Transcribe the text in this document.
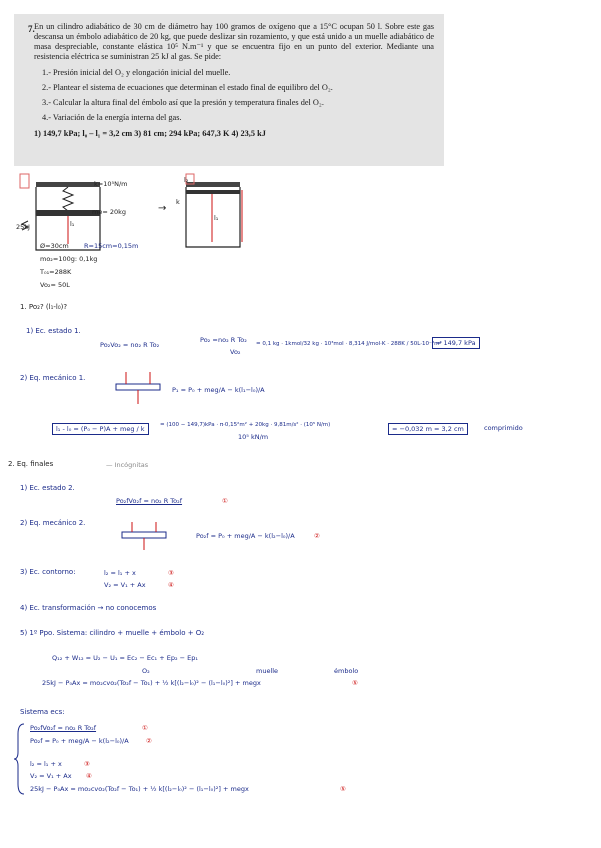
7. En un cilindro adiabático de 30 cm de diámetro hay 100 gramos de oxígeno que a 15°C ocupan 50 l. Sobre este gas descansa un émbolo adiabático de 20 kg, que puede deslizar sin rozamiento, y que está unido a un muelle adiabático de masa despreciable, constante elástica 10⁵ N.m⁻¹ y que se encuentra fijo en un punto del exterior. Mediante una resistencia eléctrica se suministran 25 kJ al gas. Se pide:
1.- Presión inicial del O₂ y elongación inicial del muelle.
2.- Plantear el sistema de ecuaciones que determinan el estado final de equilibro del O₂.
3.- Calcular la altura final del émbolo así que la presión y temperatura finales del O₂.
4.- Variación de la energía interna del gas.
1) 149,7 kPa; l₀ – l₁ = 3,2 cm 3) 81 cm; 294 kPa; 647,3 K 4) 23,5 kJ
k=10⁵N/m
me= 20kg
25kJ	l₁
→
Ø=30cm R=15cm=0,15m
mo₂=100g: 0,1kg
T₀₁=288K
Vo₂= 50L
l₂
l₁
k
1. Po₂? (l₁-l₀)?
1) Ec. estado 1.
Po₂Vo₂ = no₂ R To₂
Po₂ = no₂ R To₂
Vo₂
= 0,1 kg · 1kmol/32 kg · 10³mol · 8,314 J/mol·K · 288K / 50L·10⁻³m³
= 149,7 kPa
2) Eq. mecánico 1.
P₁ = P₀ + meg/A − k(l₁−l₀)/A
l₁ - l₀ = (P₀ − P)A + meg / k	= (100 − 149,7)kPa · π·0,15²m² + 20kg · 9,81m/s² · (10⁵ N/m)
10⁵ kN/m
= −0,032 m = 3,2 cm	comprimido
2. Eq. finales	— Incógnitas
1) Ec. estado 2.
Po₂fVo₂f = no₂ R To₂f	①
2) Eq. mecánico 2.
Po₂f = P₀ + meg/A − k(l₂−l₀)/A	②
3) Ec. contorno:	l₂ = l₁ + x
V₂ = V₁ + Ax
③
④
4) Ec. transformación → no conocemos
5) 1º Ppo. Sistema: cilindro + muelle + émbolo + O₂
Q₁₂ + W₁₂ = U₂ − U₁ = Ec₂ − Ec₁ + Ep₂ − Ep₁
O₂	muelle	émbolo
25kJ − P₀Ax = mo₂cvo₂(To₂f − To₁) + ½ k[(l₂−l₀)² − (l₁−l₀)²] + megx	⑤
Sistema ecs:
Po₂fVo₂f = no₂ R To₂f	①
Po₂f = P₀ + meg/A − k(l₂−l₀)/A	②
l₂ = l₁ + x	③
V₂ = V₁ + Ax ④
25kJ − P₀Ax = mo₂cvo₂(To₂f − To₁) + ½ k[(l₂−l₀)² − (l₁−l₀)²] + megx	⑤
